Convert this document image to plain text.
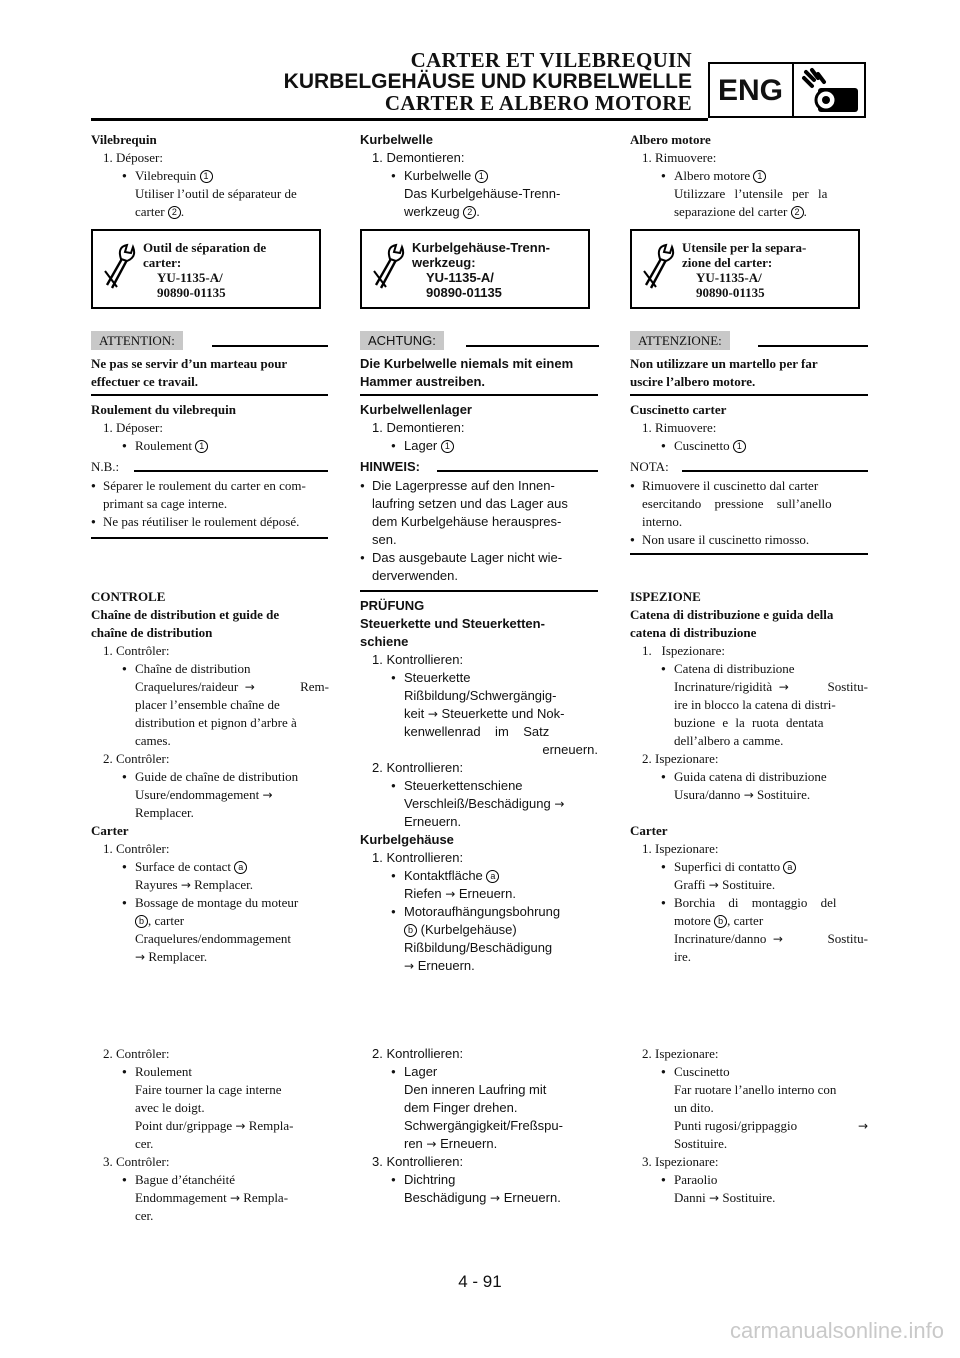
CARTER ET VILEBREQUIN
KURBELGEHÄUSE UND KURBELWELLE
CARTER E ALBERO MOTORE ENG

Vilebrequin

1. Déposer:

● Vilebrequin 1

Utiliser l’outil de séparateur de

carter 2 .

Outil de séparation de
carter:
YU-1135-A/
90890-01135
ATTENTION:

Ne pas se servir d’un marteau pour

effectuer ce travail.

Roulement du vilebrequin

1. Déposer:

● Roulement 1

N.B.:

● Séparer le roulement du carter en com-

primant sa cage interne.

● Ne pas réutiliser le roulement déposé.

CONTROLE

Chaîne de distribution et guide de

chaîne de distribution

1. Contrôler:

● Chaîne de distribution

Craquelures/raideur →	Rem-

placer l’ensemble chaîne de

distribution et pignon d’arbre à

cames.

2. Contrôler:

● Guide de chaîne de distribution

Usure/endommagement →

Remplacer.

Carter

1. Contrôler:

● Surface de contact a

Rayures → Remplacer.

● Bossage de montage du moteur

b , carter

Craquelures/endommagement

→ Remplacer.

2. Contrôler:

● Roulement

Faire tourner la cage interne

avec le doigt.

Point dur/grippage → Rempla-

cer.

3. Contrôler:

● Bague d’étanchéité

Endommagement → Rempla-

cer.

Kurbelwelle

1. Demontieren:

● Kurbelwelle 1

Das Kurbelgehäuse-Trenn-

werkzeug 2 .

Kurbelgehäuse-Trenn-
werkzeug:
YU-1135-A/
90890-01135
ACHTUNG:

Die Kurbelwelle niemals mit einem

Hammer austreiben.

Kurbelwellenlager

1. Demontieren:

● Lager 1

HINWEIS:

● Die Lagerpresse auf den Innen-

laufring setzen und das Lager aus

dem Kurbelgehäuse herauspres-

sen.

● Das ausgebaute Lager nicht wie-

derverwenden.

PRÜFUNG

Steuerkette und Steuerketten-

schiene

1. Kontrollieren:

● Steuerkette

Rißbildung/Schwergängig-

keit → Steuerkette und Nok-

kenwellenrad    im    Satz

erneuern.

2. Kontrollieren:

● Steuerkettenschiene

Verschleiß/Beschädigung →

Erneuern.

Kurbelgehäuse

1. Kontrollieren:

● Kontaktfläche a

Riefen → Erneuern.

● Motoraufhängungsbohrung

b (Kurbelgehäuse)

Rißbildung/Beschädigung

→ Erneuern.

2. Kontrollieren:

● Lager

Den inneren Laufring mit

dem Finger drehen.

Schwergängigkeit/Freßspu-

ren → Erneuern.

3. Kontrollieren:

● Dichtring

Beschädigung → Erneuern.

Albero motore

1. Rimuovere:

● Albero motore 1

Utilizzare l’utensile per la

separazione del carter 2 .

Utensile per la separa-
zione del carter:
YU-1135-A/
90890-01135
ATTENZIONE:

Non utilizzare un martello per far

uscire l’albero motore.

Cuscinetto carter

1. Rimuovere:

● Cuscinetto 1

NOTA:

● Rimuovere il cuscinetto dal carter

esercitando pressione sull’anello

interno.

● Non usare il cuscinetto rimosso.

ISPEZIONE

Catena di distribuzione e guida della

catena di distribuzione

1.   Ispezionare:

● Catena di distribuzione

Incrinature/rigidità →	Sostitu-

ire in blocco la catena di distri-

buzione e la ruota dentata

dell’albero a camme.

2. Ispezionare:

● Guida catena di distribuzione

Usura/danno → Sostituire.

Carter

1. Ispezionare:

● Superfici di contatto a

Graffi → Sostituire.

● Borchia di montaggio del

motore b , carter

Incrinature/danno →	Sostitu-

ire.

2. Ispezionare:

● Cuscinetto

Far ruotare l’anello interno con

un dito.

Punti rugosi/grippaggio	→

Sostituire.

3. Ispezionare:

● Paraolio

Danni → Sostituire.

4 - 91
carmanualsonline.info
